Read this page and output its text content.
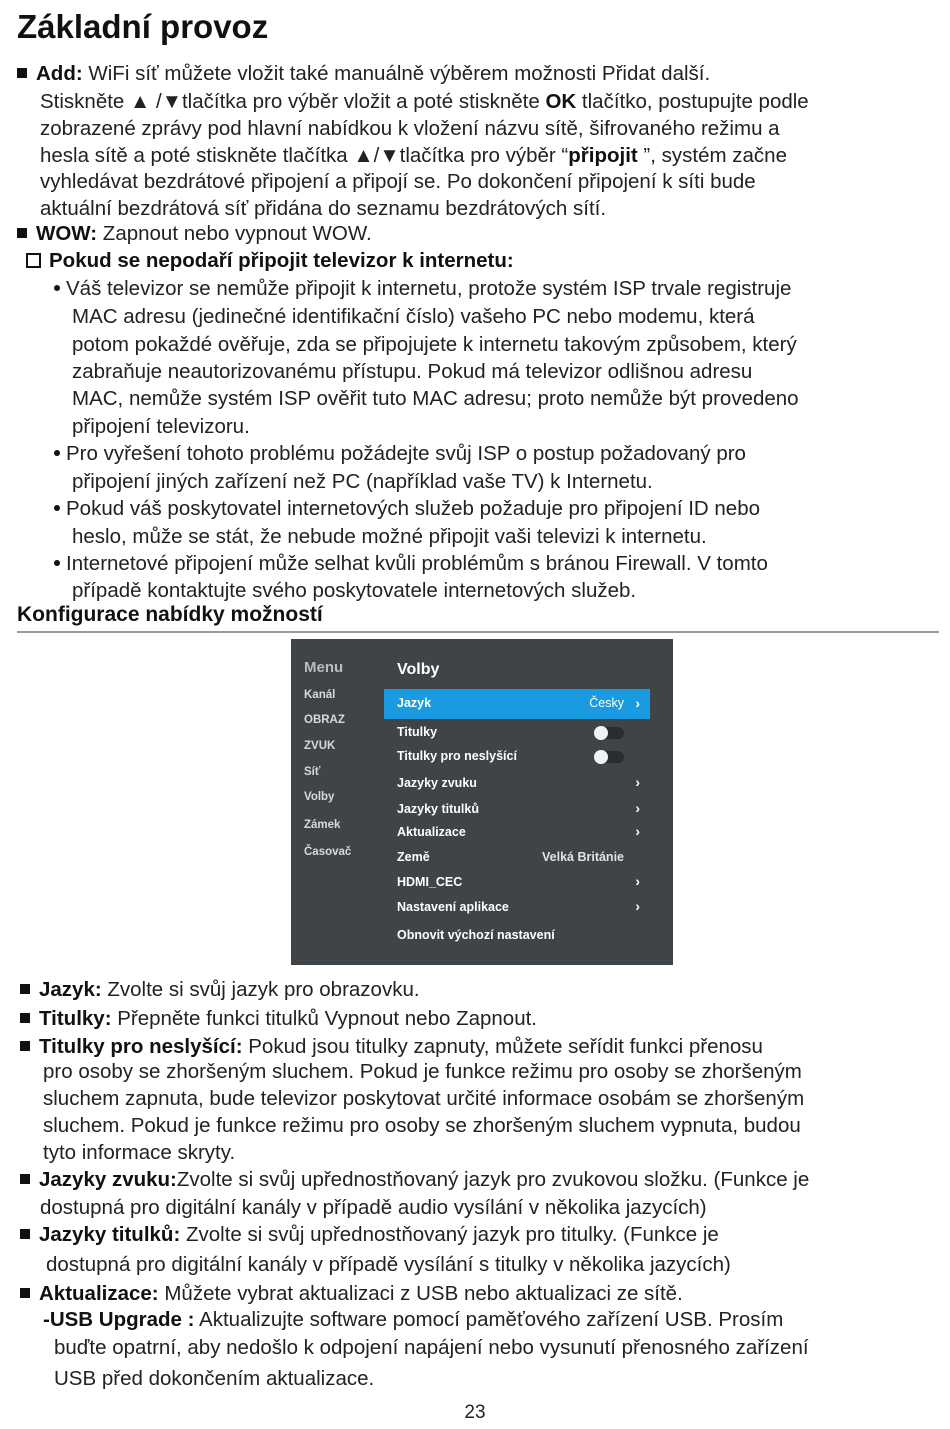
Základní provoz
Add: WiFi síť můžete vložit také manuálně výběrem možnosti Přidat další.
Stiskněte ▲ /▼tlačítka pro výběr vložit a poté stiskněte OK tlačítko, postupujte podle
zobrazené zprávy pod hlavní nabídkou k vložení názvu sítě, šifrovaného režimu a
hesla sítě a poté stiskněte tlačítka ▲/▼tlačítka pro výběr “připojit ”, systém začne
vyhledávat bezdrátové připojení a připojí se. Po dokončení připojení k síti bude
aktuální bezdrátová síť přidána do seznamu bezdrátových sítí.
WOW: Zapnout nebo vypnout WOW.
Pokud se nepodaří připojit televizor k internetu:
Váš televizor se nemůže připojit k internetu, protože systém ISP trvale registruje
MAC adresu (jedinečné identifikační číslo) vašeho PC nebo modemu, která
potom pokaždé ověřuje, zda se připojujete k internetu takovým způsobem, který
zabraňuje neautorizovanému přístupu. Pokud má televizor odlišnou adresu
MAC, nemůže systém ISP ověřit tuto MAC adresu; proto nemůže být provedeno
připojení televizoru.
Pro vyřešení tohoto problému požádejte svůj ISP o postup požadovaný pro
připojení jiných zařízení než PC (například vaše TV) k Internetu.
Pokud váš poskytovatel internetových služeb požaduje pro připojení ID nebo
heslo, může se stát, že nebude možné připojit vaši televizi k internetu.
Internetové připojení může selhat kvůli problémům s bránou Firewall. V tomto
případě kontaktujte svého poskytovatele internetových služeb.
Konfigurace nabídky možností
Menu
Kanál
OBRAZ
ZVUK
Síť
Volby
Zámek
Časovač
Volby
Jazyk	Česky ›
Titulky
Titulky pro neslyšící
Jazyky zvuku	›
Jazyky titulků	›
Aktualizace	›
Země	Velká Británie
HDMI_CEC	›
Nastavení aplikace	›
Obnovit výchozí nastavení
Jazyk: Zvolte si svůj jazyk pro obrazovku.
Titulky: Přepněte funkci titulků Vypnout nebo Zapnout.
Titulky pro neslyšící: Pokud jsou titulky zapnuty, můžete seřídit funkci přenosu
pro osoby se zhoršeným sluchem. Pokud je funkce režimu pro osoby se zhoršeným
sluchem zapnuta, bude televizor poskytovat určité informace osobám se zhoršeným
sluchem. Pokud je funkce režimu pro osoby se zhoršeným sluchem vypnuta, budou
tyto informace skryty.
Jazyky zvuku:Zvolte si svůj upřednostňovaný jazyk pro zvukovou složku. (Funkce je
dostupná pro digitální kanály v případě audio vysílání v několika jazycích)
Jazyky titulků: Zvolte si svůj upřednostňovaný jazyk pro titulky. (Funkce je
dostupná pro digitální kanály v případě vysílání s titulky v několika jazycích)
Aktualizace: Můžete vybrat aktualizaci z USB nebo aktualizaci ze sítě.
-USB Upgrade : Aktualizujte software pomocí paměťového zařízení USB. Prosím
buďte opatrní, aby nedošlo k odpojení napájení nebo vysunutí přenosného zařízení
USB před dokončením aktualizace.
23
